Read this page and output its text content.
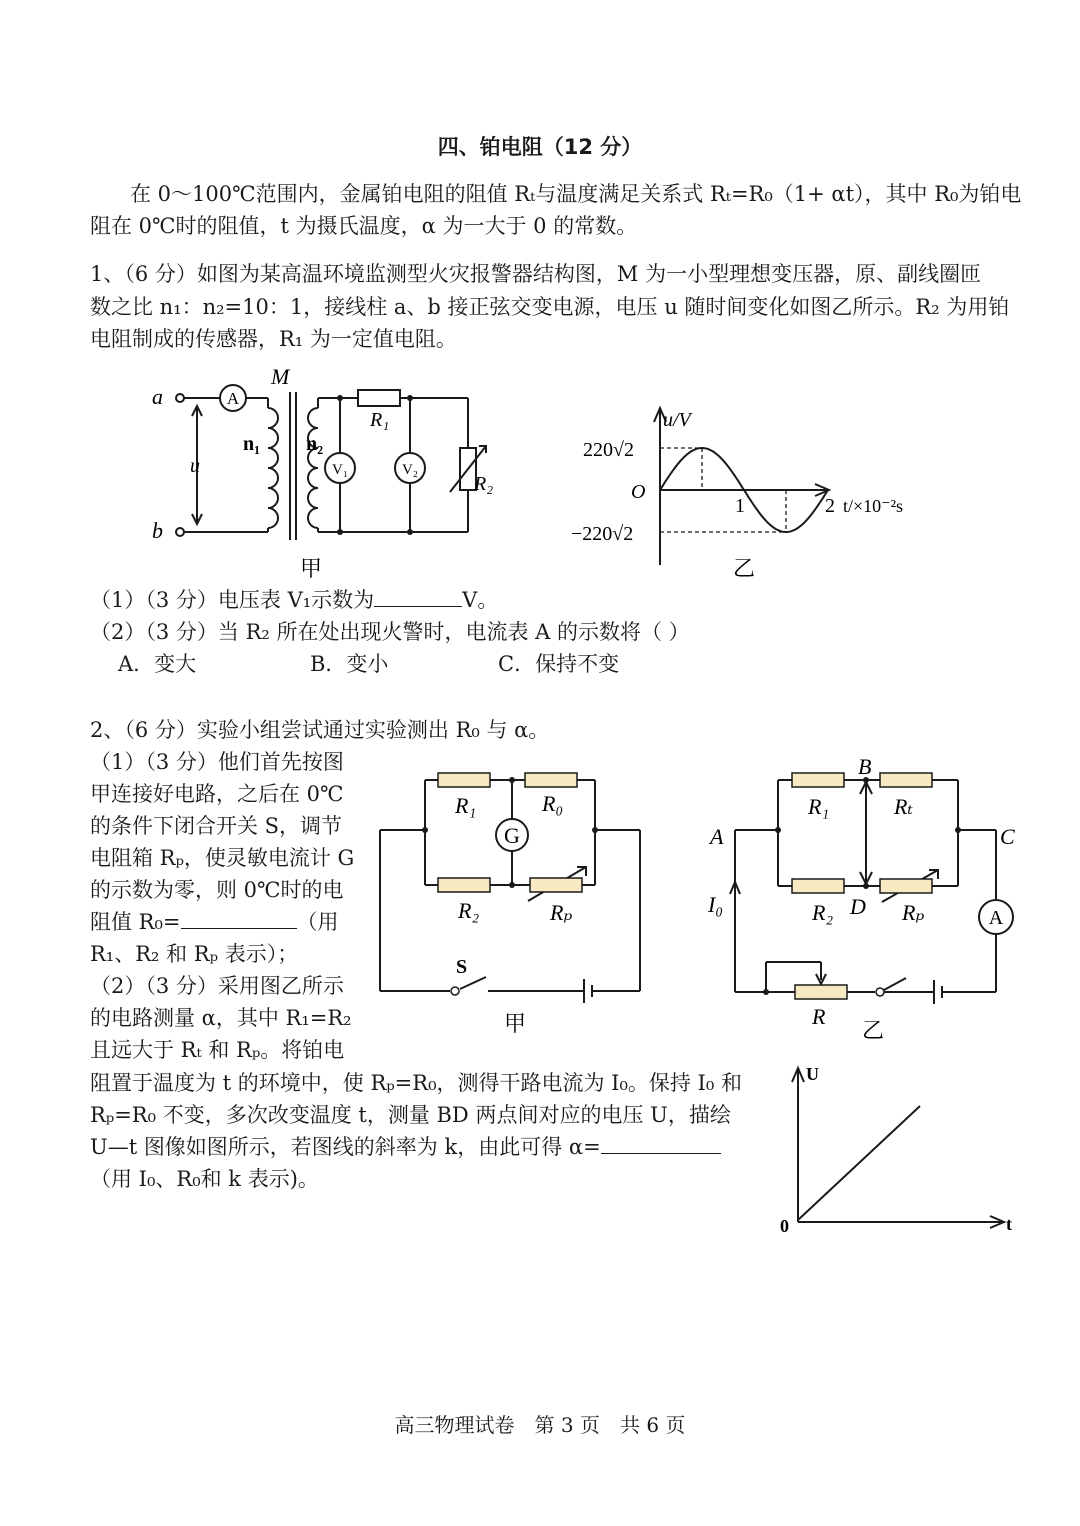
四、铂电阻（12 分）
在 0～100℃范围内，金属铂电阻的阻值 Rₜ与温度满足关系式 Rₜ=R₀（1+ αt），其中 R₀为铂电
阻在 0℃时的阻值，t 为摄氏温度，α 为一大于 0 的常数。
1、（6 分）如图为某高温环境监测型火灾报警器结构图，M 为一小型理想变压器，原、副线圈匝
数之比 n₁：n₂=10：1，接线柱 a、b 接正弦交变电源，电压 u 随时间变化如图乙所示。R₂ 为用铂
电阻制成的传感器，R₁ 为一定值电阻。
a
b
M
n₁ n₂
u
A
V₁	V₂
R₁
R₂
甲
u/V
220√2
O
−220√2
1	2 t/×10⁻²s
乙
（1）（3 分）电压表 V₁示数为	V。
（2）（3 分）当 R₂ 所在处出现火警时，电流表 A 的示数将（ ）
A．变大	B．变小	C．保持不变
2、（6 分）实验小组尝试通过实验测出 R₀ 与 α。
（1）（3 分）他们首先按图
甲连接好电路，之后在 0℃
的条件下闭合开关 S，调节
电阻箱 Rₚ，使灵敏电流计 G
的示数为零，则 0℃时的电
阻值 R₀=	（用
R₁、R₂ 和 Rₚ 表示）；
（2）（3 分）采用图乙所示
的电路测量 α，其中 R₁=R₂
且远大于 Rₜ 和 Rₚ。将铂电
阻置于温度为 t 的环境中，使 Rₚ=R₀，测得干路电流为 I₀。保持 I₀ 和
Rₚ=R₀ 不变，多次改变温度 t，测量 BD 两点间对应的电压 U，描绘
U—t 图像如图所示，若图线的斜率为 k，由此可得 α=
（用 I₀、R₀和 k 表示)。
R₁	R₀
G
R₂	Rₚ
S
甲
B
R₁	Rₜ
A	C
I₀	R₂ D Rₚ	A
R
乙
U
t
0
高三物理试卷　第 3 页　共 6 页
